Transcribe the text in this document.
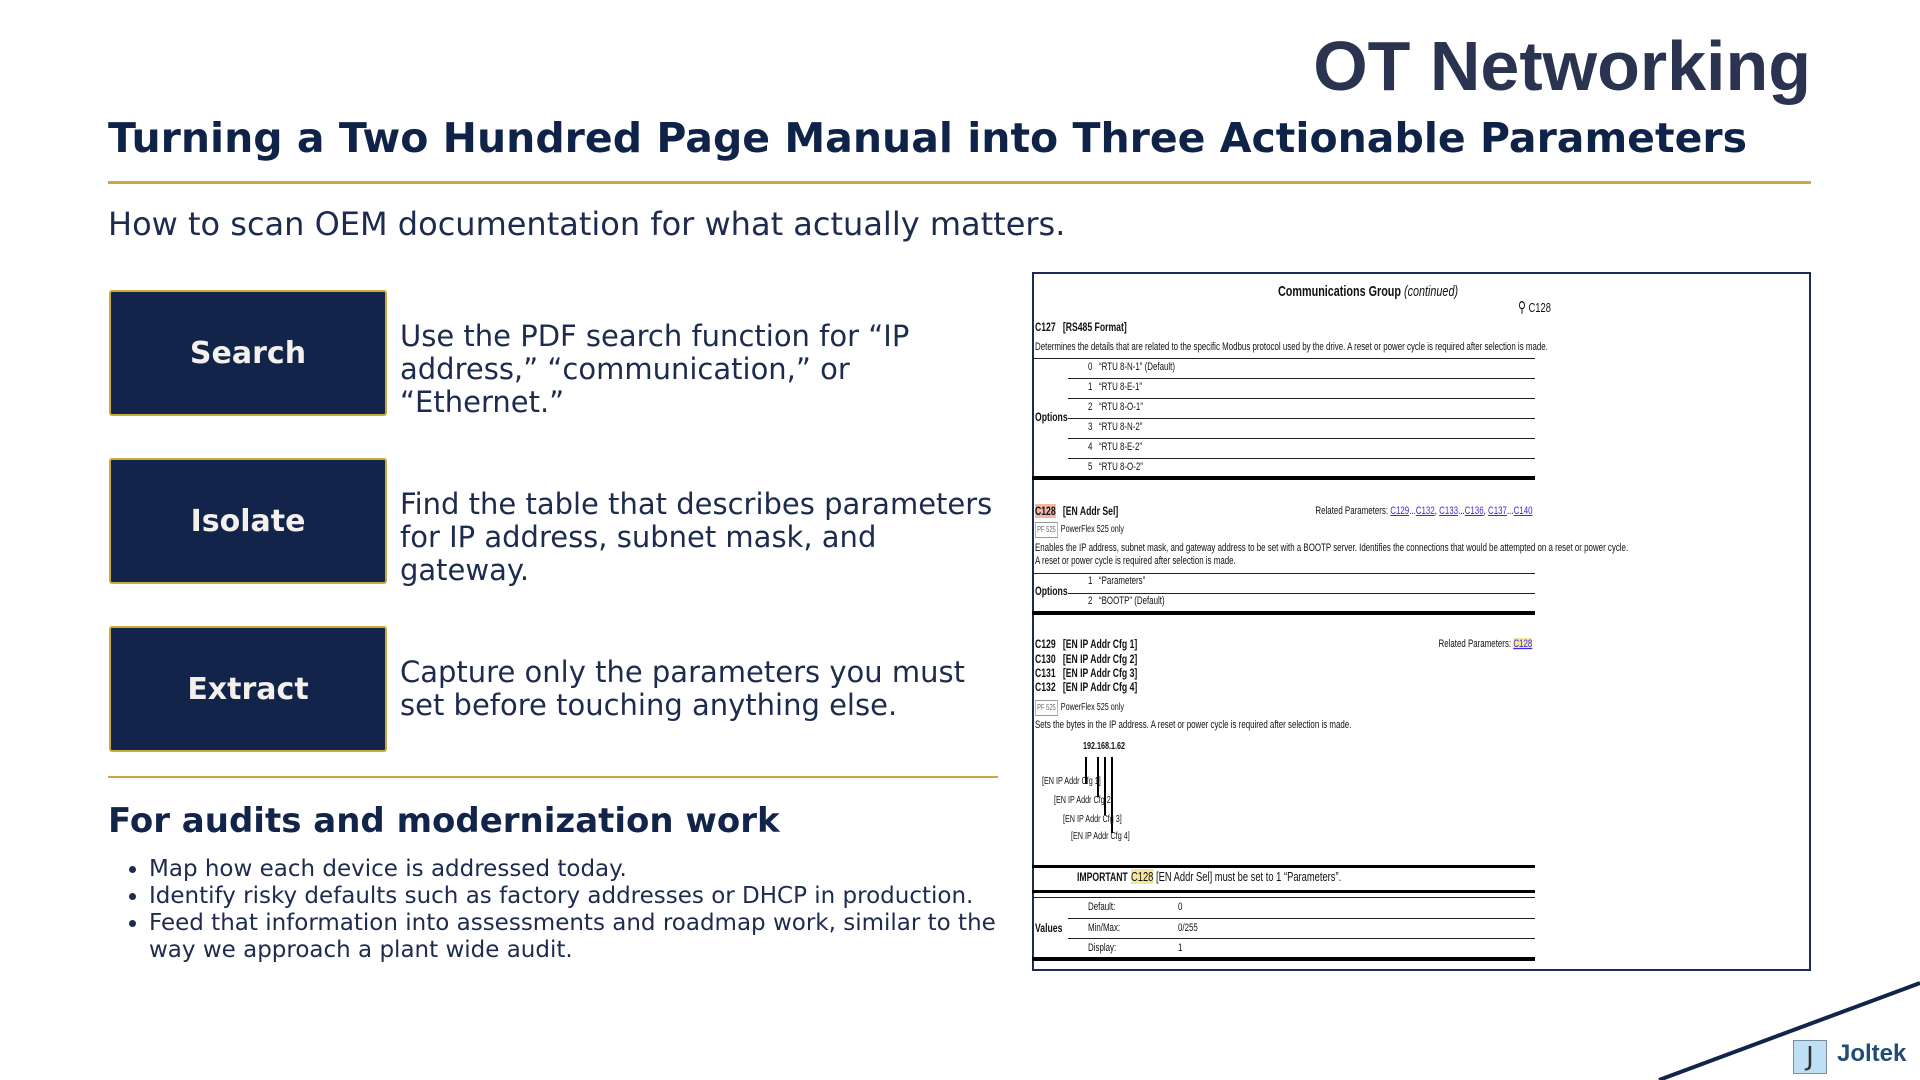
OT Networking
Turning a Two Hundred Page Manual into Three Actionable Parameters
How to scan OEM documentation for what actually matters.
Search	Use the PDF search function for “IP address,” “communication,” or “Ethernet.”
Isolate	Find the table that describes parameters for IP address, subnet mask, and gateway.
Extract	Capture only the parameters you must set before touching anything else.
For audits and modernization work
• Map how each device is addressed today.
• Identify risky defaults such as factory addresses or DHCP in production.
• Feed that information into assessments and roadmap work, similar to the way we approach a plant wide audit.
Communications Group (continued)
⚲ C128
C127 [RS485 Format]
Determines the details that are related to the specific Modbus protocol used by the drive. A reset or power cycle is required after selection is made.
Options
0 “RTU 8-N-1” (Default)
1 “RTU 8-E-1”
2 “RTU 8-O-1”
3 “RTU 8-N-2”
4 “RTU 8-E-2”
5 “RTU 8-O-2”
C128 [EN Addr Sel]	Related Parameters: C129...C132, C133...C136, C137...C140
PF 525 PowerFlex 525 only
Enables the IP address, subnet mask, and gateway address to be set with a BOOTP server. Identifies the connections that would be attempted on a reset or power cycle.
A reset or power cycle is required after selection is made.
Options
1 “Parameters”
2 “BOOTP” (Default)
C129 [EN IP Addr Cfg 1]
C130 [EN IP Addr Cfg 2]
C131 [EN IP Addr Cfg 3]
C132 [EN IP Addr Cfg 4]
Related Parameters: C128
PF 525 PowerFlex 525 only
Sets the bytes in the IP address. A reset or power cycle is required after selection is made.
192.168.1.62
[EN IP Addr Cfg 1]
[EN IP Addr Cfg 2]
[EN IP Addr Cfg 3]
[EN IP Addr Cfg 4]
IMPORTANT C128 [EN Addr Sel] must be set to 1 “Parameters”.
Values
Default:	0
Min/Max:	0/255
Display:	1
J Joltek
